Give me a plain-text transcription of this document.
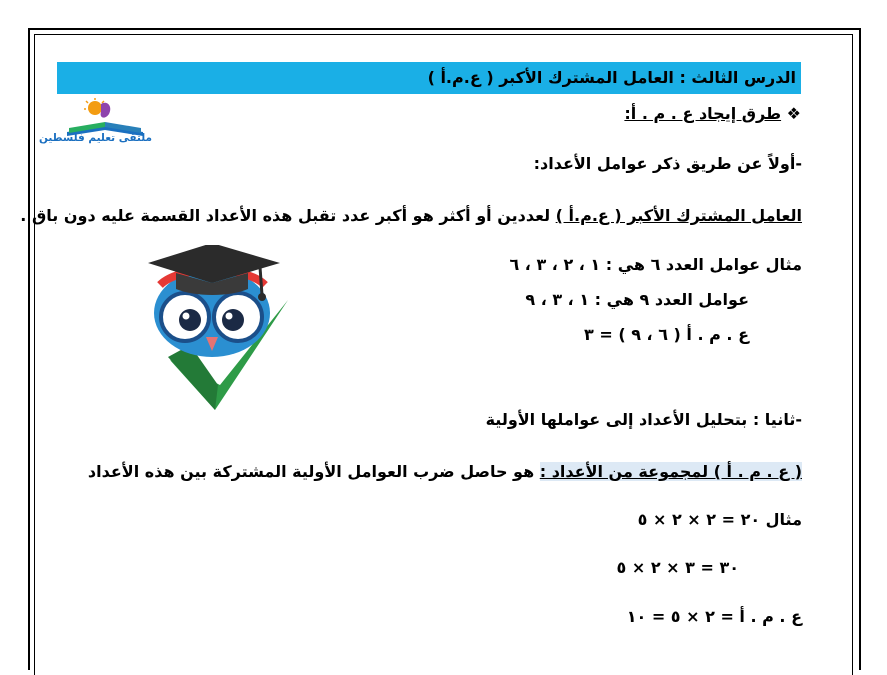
الدرس الثالث : العامل المشترك الأكبر ( ع.م.أ )
ملتقى تعليم فلسطين
❖ طرق إيجاد ع . م . أ:
-أولاً عن طريق ذكر عوامل الأعداد:
العامل المشترك الأكبر ( ع.م.أ ) لعددين أو أكثر هو أكبر عدد تقبل هذه الأعداد القسمة عليه دون باق .
مثال عوامل العدد ٦ هي : ١ ، ٢ ، ٣ ، ٦
عوامل العدد ٩ هي : ١ ، ٣ ، ٩
ع . م . أ ( ٦ ، ٩ ) = ٣
-ثانيا : بتحليل الأعداد إلى عواملها الأولية
( ع . م . أ ) لمجموعة من الأعداد : هو حاصل ضرب العوامل الأولية المشتركة بين هذه الأعداد
مثال ٢٠ = ٢ × ٢ × ٥
٣٠ = ٣ × ٢ × ٥
ع . م . أ = ٢ × ٥ = ١٠
